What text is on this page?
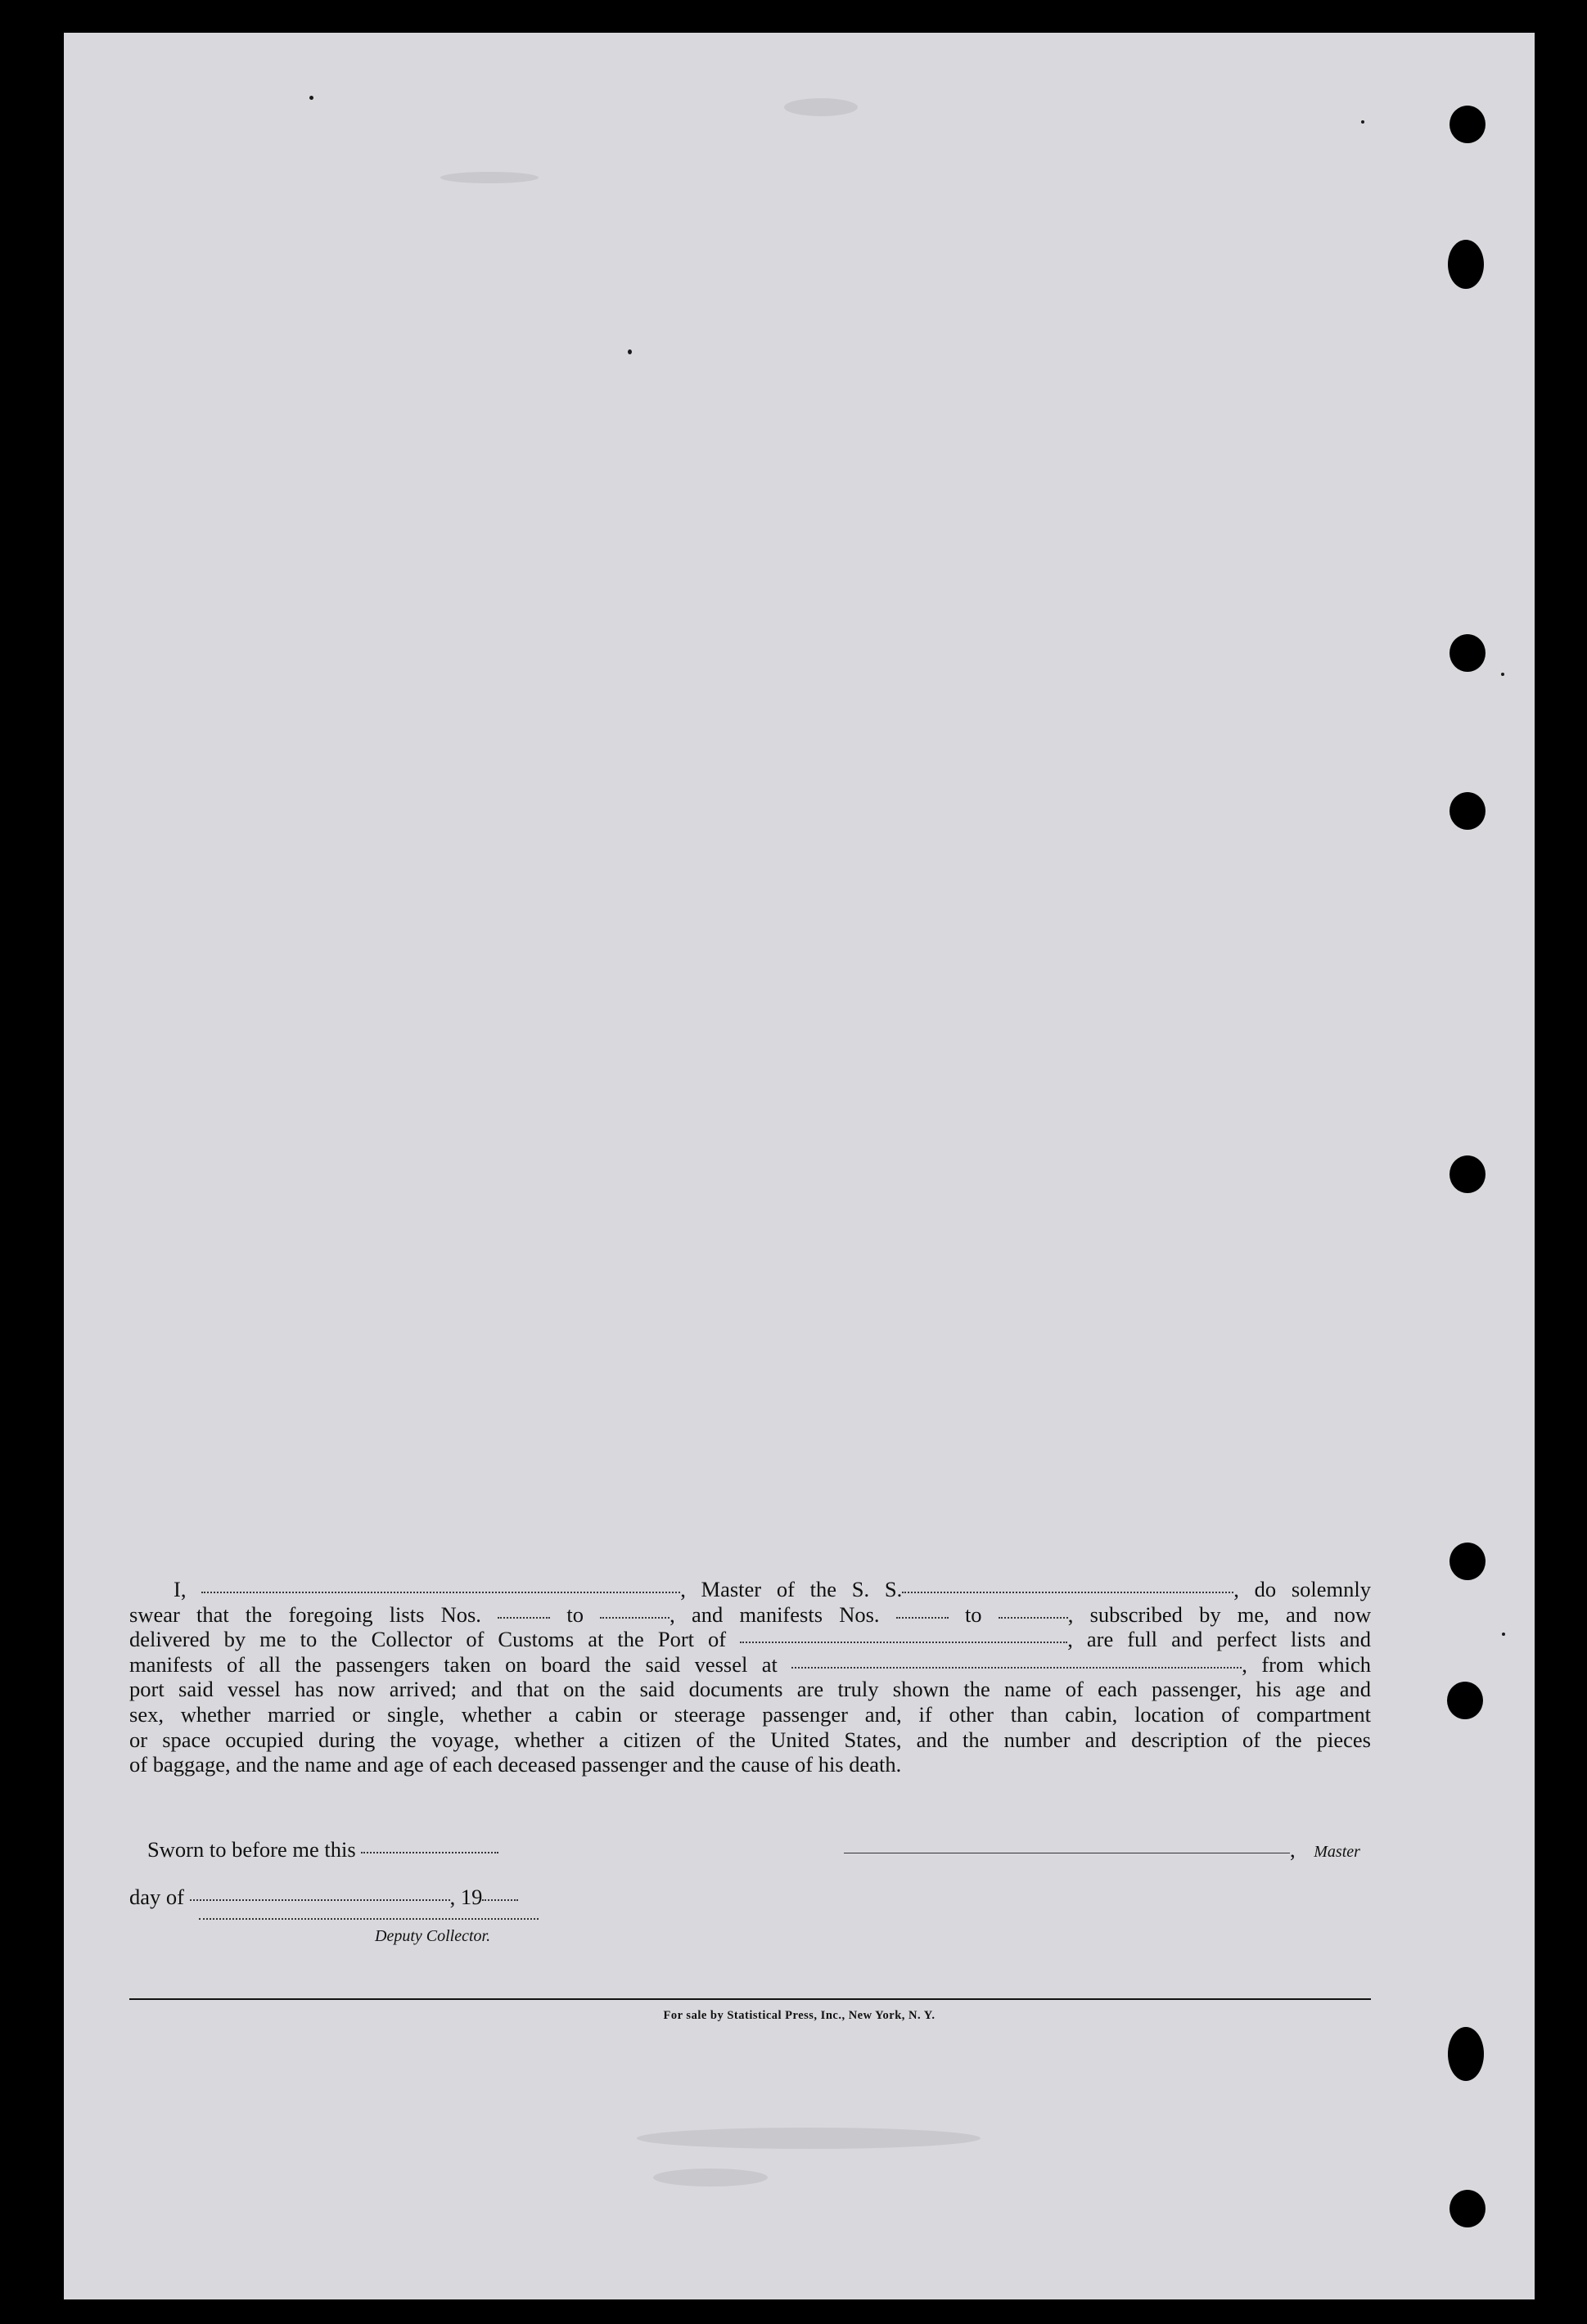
I,	, Master of the S. S.	, do solemnly
swear that the foregoing lists Nos.	to	, and manifests Nos.	to	, subscribed by me, and now
delivered by me to the Collector of Customs at the Port of	, are full and perfect lists and
manifests of all the passengers taken on board the said vessel at	, from which
port said vessel has now arrived; and that on the said documents are truly shown the name of each passenger, his age and
sex, whether married or single, whether a cabin or steerage passenger and, if other than cabin, location of compartment
or space occupied during the voyage, whether a citizen of the United States, and the number and description of the pieces
of baggage, and the name and age of each deceased passenger and the cause of his death.
Sworn to before me this	, Master
day of	, 19
Deputy Collector.
For sale by Statistical Press, Inc., New York, N. Y.
